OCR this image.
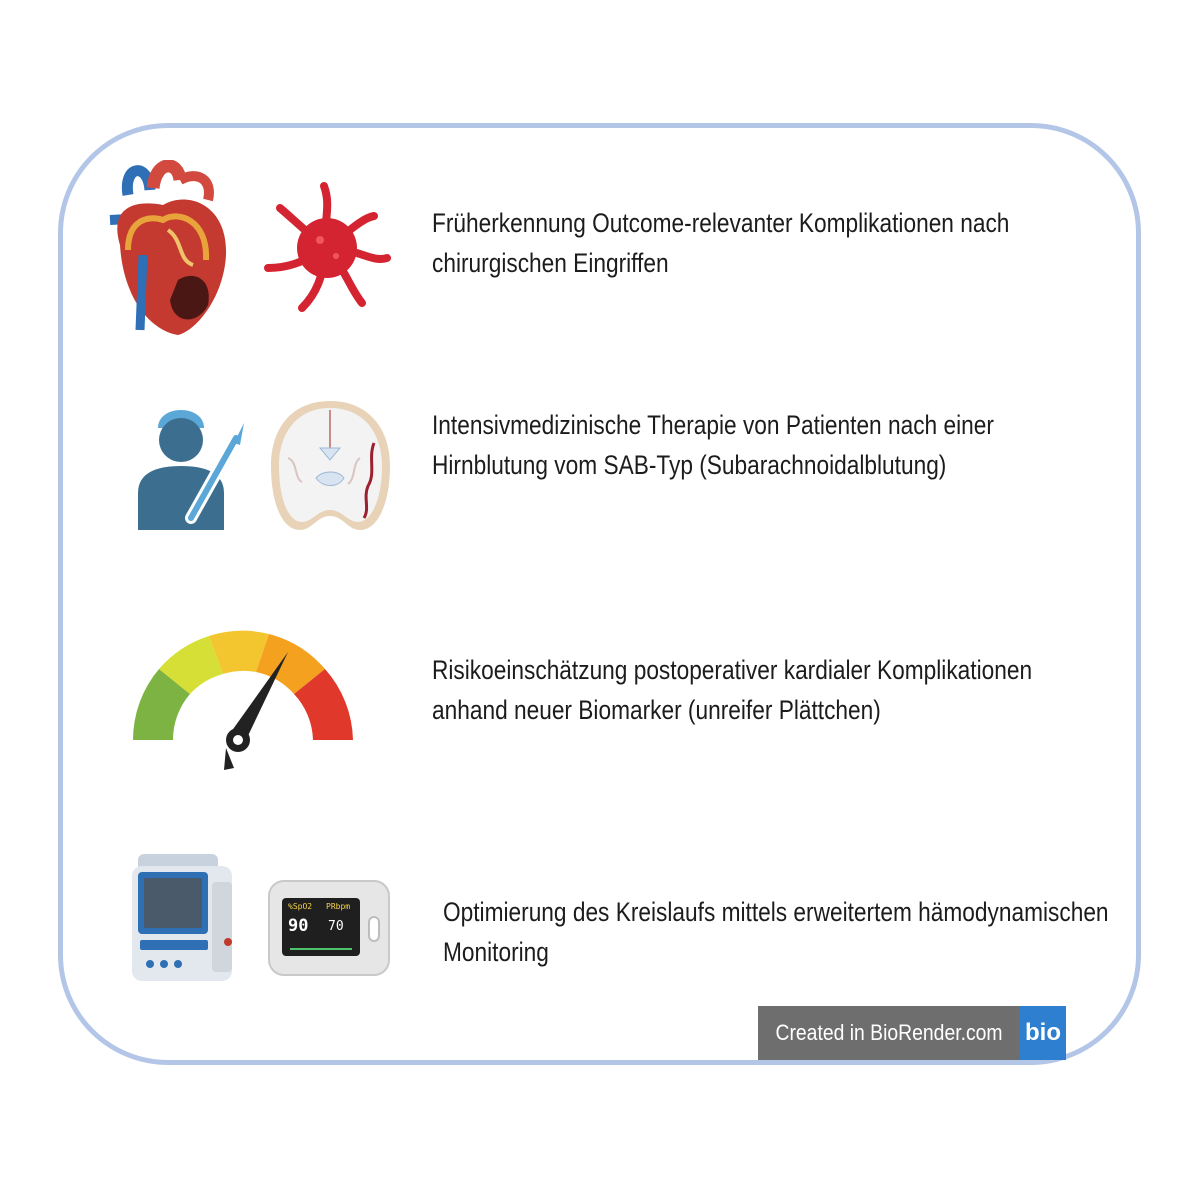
Früherkennung Outcome-relevanter Komplikationen nach
chirurgischen Eingriffen
Intensivmedizinische Therapie von Patienten nach einer
Hirnblutung vom SAB-Typ (Subarachnoidalblutung)
Risikoeinschätzung postoperativer kardialer Komplikationen
anhand neuer Biomarker (unreifer Plättchen)
%SpO2 PRbpm
90 70	Optimierung des Kreislaufs mittels erweitertem hämodynamischen
Monitoring
Created in BioRender.com bio
